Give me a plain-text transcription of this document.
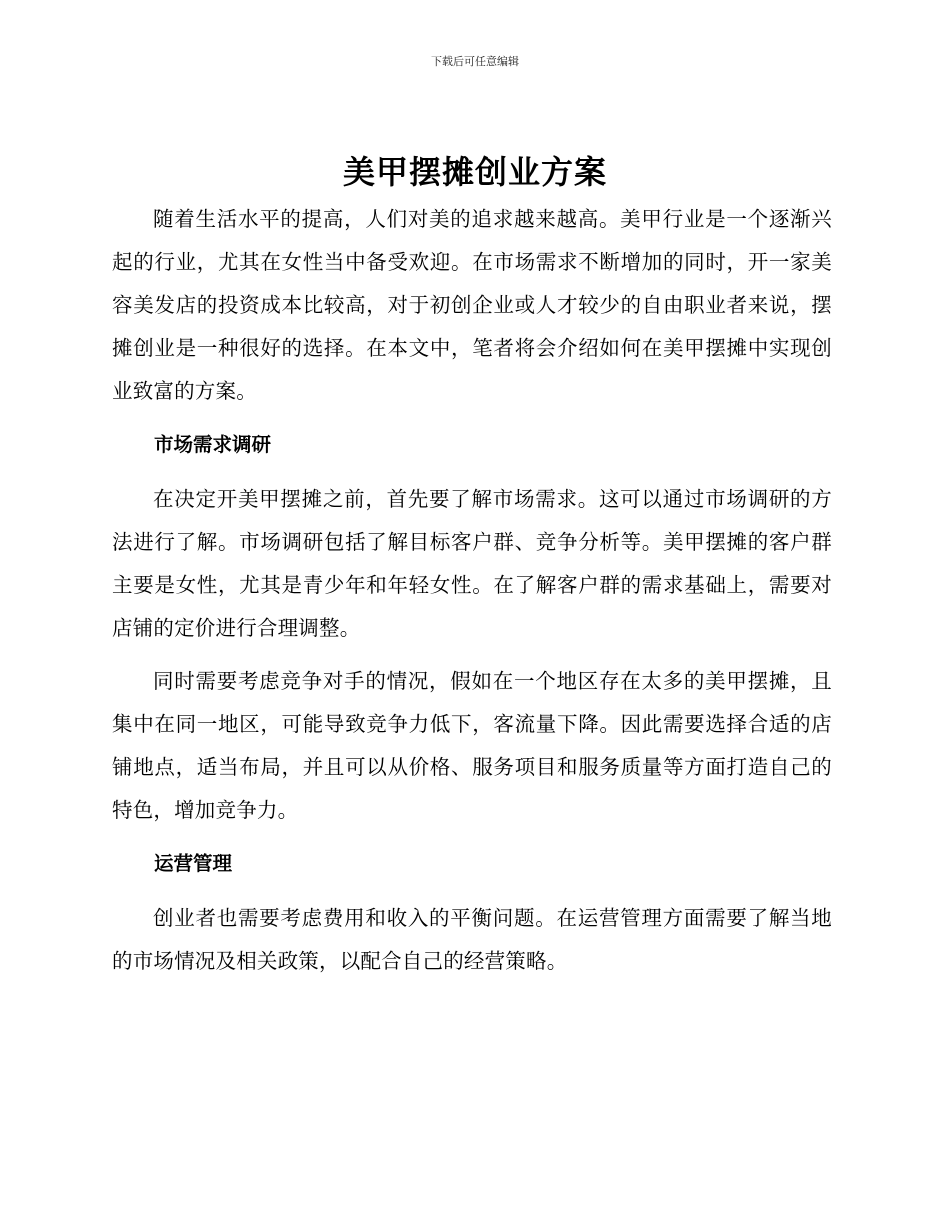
下载后可任意编辑
美甲摆摊创业方案

随着生活水平的提高，人们对美的追求越来越高。美甲行业是一个逐渐兴起的行业，尤其在女性当中备受欢迎。在市场需求不断增加的同时，开一家美容美发店的投资成本比较高，对于初创企业或人才较少的自由职业者来说，摆摊创业是一种很好的选择。在本文中，笔者将会介绍如何在美甲摆摊中实现创业致富的方案。

市场需求调研

在决定开美甲摆摊之前，首先要了解市场需求。这可以通过市场调研的方法进行了解。市场调研包括了解目标客户群、竞争分析等。美甲摆摊的客户群主要是女性，尤其是青少年和年轻女性。在了解客户群的需求基础上，需要对店铺的定价进行合理调整。

同时需要考虑竞争对手的情况，假如在一个地区存在太多的美甲摆摊，且集中在同一地区，可能导致竞争力低下，客流量下降。因此需要选择合适的店铺地点，适当布局，并且可以从价格、服务项目和服务质量等方面打造自己的特色，增加竞争力。

运营管理

创业者也需要考虑费用和收入的平衡问题。在运营管理方面需要了解当地的市场情况及相关政策，以配合自己的经营策略。
